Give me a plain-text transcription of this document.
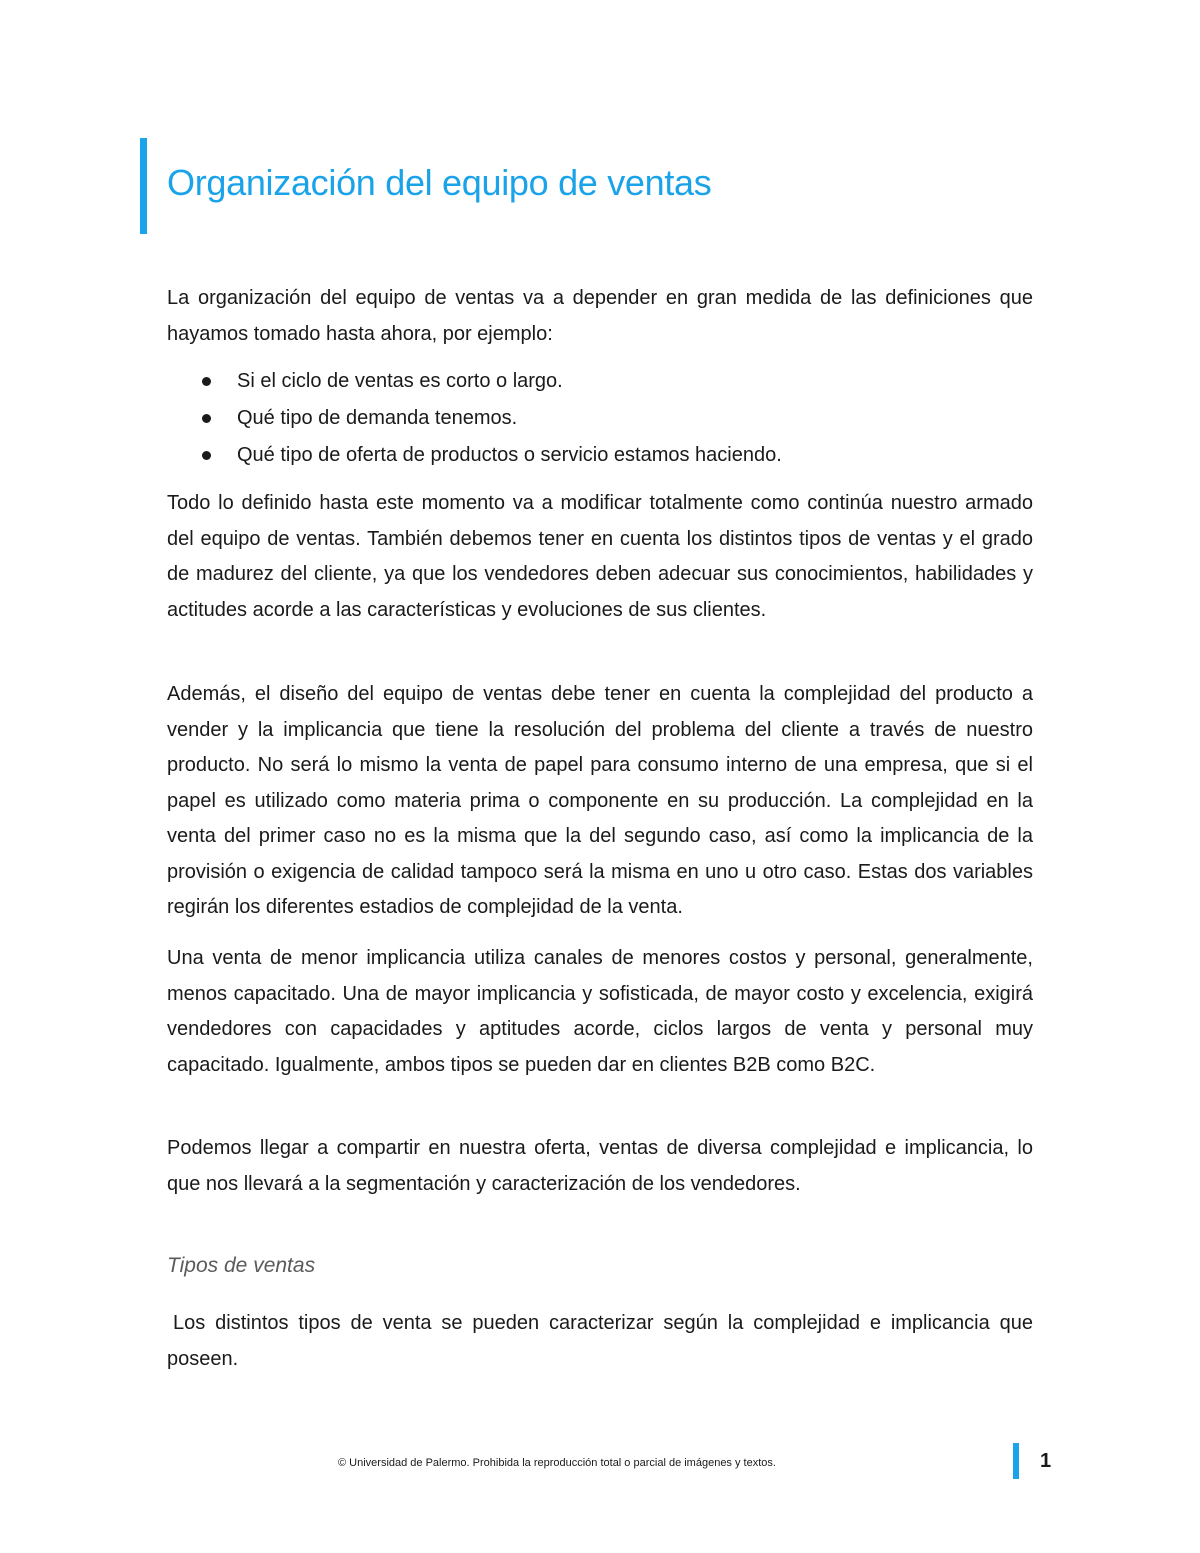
Organización del equipo de ventas

La organización del equipo de ventas va a depender en gran medida de las definiciones que hayamos tomado hasta ahora, por ejemplo:

Si el ciclo de ventas es corto o largo.
Qué tipo de demanda tenemos.
Qué tipo de oferta de productos o servicio estamos haciendo.

Todo lo definido hasta este momento va a modificar totalmente como continúa nuestro armado del equipo de ventas. También debemos tener en cuenta los distintos tipos de ventas y el grado de madurez del cliente, ya que los vendedores deben adecuar sus conocimientos, habilidades y actitudes acorde a las características y evoluciones de sus clientes.

Además, el diseño del equipo de ventas debe tener en cuenta la complejidad del producto a vender y la implicancia que tiene la resolución del problema del cliente a través de nuestro producto. No será lo mismo la venta de papel para consumo interno de una empresa, que si el papel es utilizado como materia prima o componente en su producción. La complejidad en la venta del primer caso no es la misma que la del segundo caso, así como la implicancia de la provisión o exigencia de calidad tampoco será la misma en uno u otro caso. Estas dos variables regirán los diferentes estadios de complejidad de la venta.

Una venta de menor implicancia utiliza canales de menores costos y personal, generalmente, menos capacitado. Una de mayor implicancia y sofisticada, de mayor costo y excelencia, exigirá vendedores con capacidades y aptitudes acorde, ciclos largos de venta y personal muy capacitado. Igualmente, ambos tipos se pueden dar en clientes B2B como B2C.

Podemos llegar a compartir en nuestra oferta, ventas de diversa complejidad e implicancia, lo que nos llevará a la segmentación y caracterización de los vendedores.

Tipos de ventas

Los distintos tipos de venta se pueden caracterizar según la complejidad e implicancia que poseen.

© Universidad de Palermo. Prohibida la reproducción total o parcial de imágenes y textos.	1
